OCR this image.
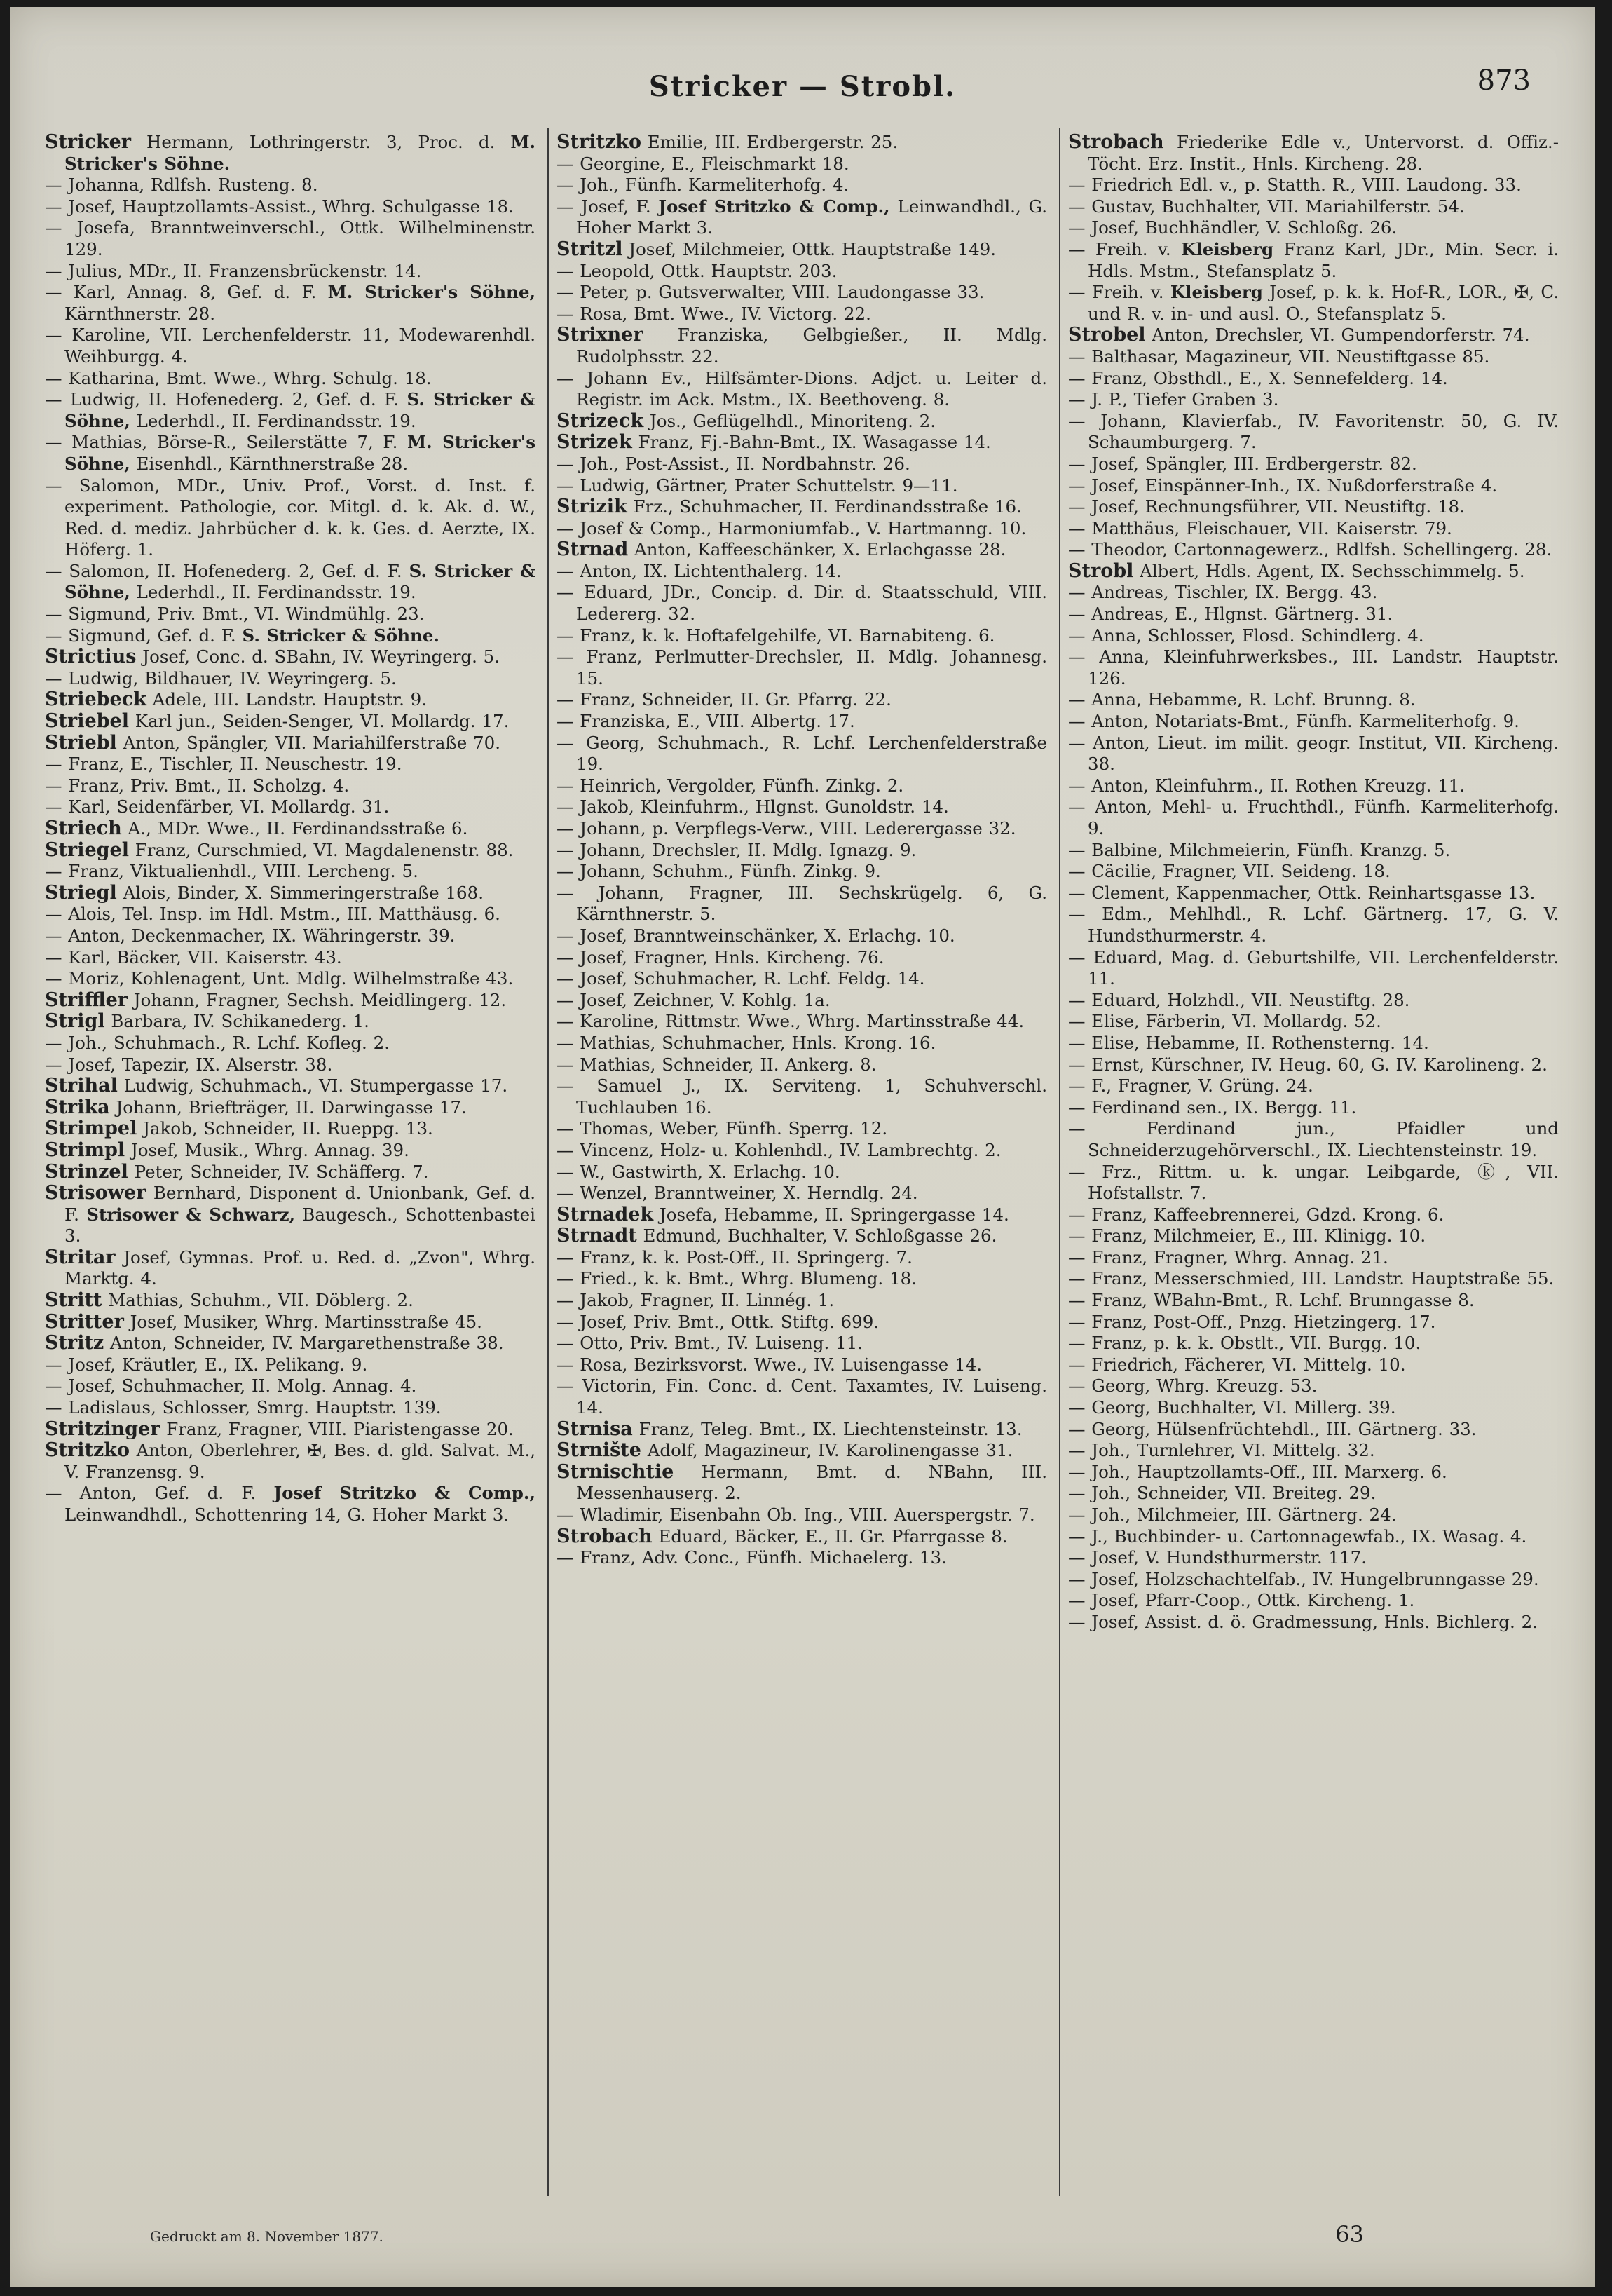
Stricker — Strobl.	873

Stricker Hermann, Lothringerstr. 3, Proc. d. M. Stricker's Söhne.

— Johanna, Rdlfsh. Rusteng. 8.

— Josef, Hauptzollamts-Assist., Whrg. Schulgasse 18.

— Josefa, Branntweinverschl., Ottk. Wilhelminenstr. 129.

— Julius, MDr., II. Franzensbrückenstr. 14.

— Karl, Annag. 8, Gef. d. F. M. Stricker's Söhne, Kärnthnerstr. 28.

— Karoline, VII. Lerchenfelderstr. 11, Modewarenhdl. Weihburgg. 4.

— Katharina, Bmt. Wwe., Whrg. Schulg. 18.

— Ludwig, II. Hofenederg. 2, Gef. d. F. S. Stricker & Söhne, Lederhdl., II. Ferdinandsstr. 19.

— Mathias, Börse-R., Seilerstätte 7, F. M. Stricker's Söhne, Eisenhdl., Kärnthnerstraße 28.

— Salomon, MDr., Univ. Prof., Vorst. d. Inst. f. experiment. Pathologie, cor. Mitgl. d. k. Ak. d. W., Red. d. mediz. Jahrbücher d. k. k. Ges. d. Aerzte, IX. Höferg. 1.

— Salomon, II. Hofenederg. 2, Gef. d. F. S. Stricker & Söhne, Lederhdl., II. Ferdinandsstr. 19.

— Sigmund, Priv. Bmt., VI. Windmühlg. 23.

— Sigmund, Gef. d. F. S. Stricker & Söhne.

Strictius Josef, Conc. d. SBahn, IV. Weyringerg. 5.

— Ludwig, Bildhauer, IV. Weyringerg. 5.

Striebeck Adele, III. Landstr. Hauptstr. 9.

Striebel Karl jun., Seiden-Senger, VI. Mollardg. 17.

Striebl Anton, Spängler, VII. Mariahilferstraße 70.

— Franz, E., Tischler, II. Neuschestr. 19.

— Franz, Priv. Bmt., II. Scholzg. 4.

— Karl, Seidenfärber, VI. Mollardg. 31.

Striech A., MDr. Wwe., II. Ferdinandsstraße 6.

Striegel Franz, Curschmied, VI. Magdalenenstr. 88.

— Franz, Viktualienhdl., VIII. Lercheng. 5.

Striegl Alois, Binder, X. Simmeringerstraße 168.

— Alois, Tel. Insp. im Hdl. Mstm., III. Matthäusg. 6.

— Anton, Deckenmacher, IX. Währingerstr. 39.

— Karl, Bäcker, VII. Kaiserstr. 43.

— Moriz, Kohlenagent, Unt. Mdlg. Wilhelmstraße 43.

Striffler Johann, Fragner, Sechsh. Meidlingerg. 12.

Strigl Barbara, IV. Schikanederg. 1.

— Joh., Schuhmach., R. Lchf. Kofleg. 2.

— Josef, Tapezir, IX. Alserstr. 38.

Strihal Ludwig, Schuhmach., VI. Stumpergasse 17.

Strika Johann, Briefträger, II. Darwingasse 17.

Strimpel Jakob, Schneider, II. Rueppg. 13.

Strimpl Josef, Musik., Whrg. Annag. 39.

Strinzel Peter, Schneider, IV. Schäfferg. 7.

Strisower Bernhard, Disponent d. Unionbank, Gef. d. F. Strisower & Schwarz, Baugesch., Schottenbastei 3.

Stritar Josef, Gymnas. Prof. u. Red. d. „Zvon", Whrg. Marktg. 4.

Stritt Mathias, Schuhm., VII. Döblerg. 2.

Stritter Josef, Musiker, Whrg. Martinsstraße 45.

Stritz Anton, Schneider, IV. Margarethenstraße 38.

— Josef, Kräutler, E., IX. Pelikang. 9.

— Josef, Schuhmacher, II. Molg. Annag. 4.

— Ladislaus, Schlosser, Smrg. Hauptstr. 139.

Stritzinger Franz, Fragner, VIII. Piaristengasse 20.

Stritzko Anton, Oberlehrer, ✠, Bes. d. gld. Salvat. M., V. Franzensg. 9.

— Anton, Gef. d. F. Josef Stritzko & Comp., Leinwandhdl., Schottenring 14, G. Hoher Markt 3.

Stritzko Emilie, III. Erdbergerstr. 25.

— Georgine, E., Fleischmarkt 18.

— Joh., Fünfh. Karmeliterhofg. 4.

— Josef, F. Josef Stritzko & Comp., Leinwandhdl., G. Hoher Markt 3.

Stritzl Josef, Milchmeier, Ottk. Hauptstraße 149.

— Leopold, Ottk. Hauptstr. 203.

— Peter, p. Gutsverwalter, VIII. Laudongasse 33.

— Rosa, Bmt. Wwe., IV. Victorg. 22.

Strixner Franziska, Gelbgießer., II. Mdlg. Rudolphsstr. 22.

— Johann Ev., Hilfsämter-Dions. Adjct. u. Leiter d. Registr. im Ack. Mstm., IX. Beethoveng. 8.

Strizeck Jos., Geflügelhdl., Minoriteng. 2.

Strizek Franz, Fj.-Bahn-Bmt., IX. Wasagasse 14.

— Joh., Post-Assist., II. Nordbahnstr. 26.

— Ludwig, Gärtner, Prater Schuttelstr. 9—11.

Strizik Frz., Schuhmacher, II. Ferdinandsstraße 16.

— Josef & Comp., Harmoniumfab., V. Hartmanng. 10.

Strnad Anton, Kaffeeschänker, X. Erlachgasse 28.

— Anton, IX. Lichtenthalerg. 14.

— Eduard, JDr., Concip. d. Dir. d. Staatsschuld, VIII. Ledererg. 32.

— Franz, k. k. Hoftafelgehilfe, VI. Barnabiteng. 6.

— Franz, Perlmutter-Drechsler, II. Mdlg. Johannesg. 15.

— Franz, Schneider, II. Gr. Pfarrg. 22.

— Franziska, E., VIII. Albertg. 17.

— Georg, Schuhmach., R. Lchf. Lerchenfelderstraße 19.

— Heinrich, Vergolder, Fünfh. Zinkg. 2.

— Jakob, Kleinfuhrm., Hlgnst. Gunoldstr. 14.

— Johann, p. Verpflegs-Verw., VIII. Lederergasse 32.

— Johann, Drechsler, II. Mdlg. Ignazg. 9.

— Johann, Schuhm., Fünfh. Zinkg. 9.

— Johann, Fragner, III. Sechskrügelg. 6, G. Kärnthnerstr. 5.

— Josef, Branntweinschänker, X. Erlachg. 10.

— Josef, Fragner, Hnls. Kircheng. 76.

— Josef, Schuhmacher, R. Lchf. Feldg. 14.

— Josef, Zeichner, V. Kohlg. 1a.

— Karoline, Rittmstr. Wwe., Whrg. Martinsstraße 44.

— Mathias, Schuhmacher, Hnls. Krong. 16.

— Mathias, Schneider, II. Ankerg. 8.

— Samuel J., IX. Serviteng. 1, Schuhverschl. Tuchlauben 16.

— Thomas, Weber, Fünfh. Sperrg. 12.

— Vincenz, Holz- u. Kohlenhdl., IV. Lambrechtg. 2.

— W., Gastwirth, X. Erlachg. 10.

— Wenzel, Branntweiner, X. Herndlg. 24.

Strnadek Josefa, Hebamme, II. Springergasse 14.

Strnadt Edmund, Buchhalter, V. Schloßgasse 26.

— Franz, k. k. Post-Off., II. Springerg. 7.

— Fried., k. k. Bmt., Whrg. Blumeng. 18.

— Jakob, Fragner, II. Linnég. 1.

— Josef, Priv. Bmt., Ottk. Stiftg. 699.

— Otto, Priv. Bmt., IV. Luiseng. 11.

— Rosa, Bezirksvorst. Wwe., IV. Luisengasse 14.

— Victorin, Fin. Conc. d. Cent. Taxamtes, IV. Luiseng. 14.

Strnisa Franz, Teleg. Bmt., IX. Liechtensteinstr. 13.

Strnište Adolf, Magazineur, IV. Karolinengasse 31.

Strnischtie Hermann, Bmt. d. NBahn, III. Messenhauserg. 2.

— Wladimir, Eisenbahn Ob. Ing., VIII. Auerspergstr. 7.

Strobach Eduard, Bäcker, E., II. Gr. Pfarrgasse 8.

— Franz, Adv. Conc., Fünfh. Michaelerg. 13.

Strobach Friederike Edle v., Untervorst. d. Offiz.-Töcht. Erz. Instit., Hnls. Kircheng. 28.

— Friedrich Edl. v., p. Statth. R., VIII. Laudong. 33.

— Gustav, Buchhalter, VII. Mariahilferstr. 54.

— Josef, Buchhändler, V. Schloßg. 26.

— Freih. v. Kleisberg Franz Karl, JDr., Min. Secr. i. Hdls. Mstm., Stefansplatz 5.

— Freih. v. Kleisberg Josef, p. k. k. Hof-R., LOR., ✠, C. und R. v. in- und ausl. O., Stefansplatz 5.

Strobel Anton, Drechsler, VI. Gumpendorferstr. 74.

— Balthasar, Magazineur, VII. Neustiftgasse 85.

— Franz, Obsthdl., E., X. Sennefelderg. 14.

— J. P., Tiefer Graben 3.

— Johann, Klavierfab., IV. Favoritenstr. 50, G. IV. Schaumburgerg. 7.

— Josef, Spängler, III. Erdbergerstr. 82.

— Josef, Einspänner-Inh., IX. Nußdorferstraße 4.

— Josef, Rechnungsführer, VII. Neustiftg. 18.

— Matthäus, Fleischauer, VII. Kaiserstr. 79.

— Theodor, Cartonnagewerz., Rdlfsh. Schellingerg. 28.

Strobl Albert, Hdls. Agent, IX. Sechsschimmelg. 5.

— Andreas, Tischler, IX. Bergg. 43.

— Andreas, E., Hlgnst. Gärtnerg. 31.

— Anna, Schlosser, Flosd. Schindlerg. 4.

— Anna, Kleinfuhrwerksbes., III. Landstr. Hauptstr. 126.

— Anna, Hebamme, R. Lchf. Brunng. 8.

— Anton, Notariats-Bmt., Fünfh. Karmeliterhofg. 9.

— Anton, Lieut. im milit. geogr. Institut, VII. Kircheng. 38.

— Anton, Kleinfuhrm., II. Rothen Kreuzg. 11.

— Anton, Mehl- u. Fruchthdl., Fünfh. Karmeliterhofg. 9.

— Balbine, Milchmeierin, Fünfh. Kranzg. 5.

— Cäcilie, Fragner, VII. Seideng. 18.

— Clement, Kappenmacher, Ottk. Reinhartsgasse 13.

— Edm., Mehlhdl., R. Lchf. Gärtnerg. 17, G. V. Hundsthurmerstr. 4.

— Eduard, Mag. d. Geburtshilfe, VII. Lerchenfelderstr. 11.

— Eduard, Holzhdl., VII. Neustiftg. 28.

— Elise, Färberin, VI. Mollardg. 52.

— Elise, Hebamme, II. Rothensterng. 14.

— Ernst, Kürschner, IV. Heug. 60, G. IV. Karolineng. 2.

— F., Fragner, V. Grüng. 24.

— Ferdinand sen., IX. Bergg. 11.

— Ferdinand jun., Pfaidler und Schneiderzugehörverschl., IX. Liechtensteinstr. 19.

— Frz., Rittm. u. k. ungar. Leibgarde, ⓚ, VII. Hofstallstr. 7.

— Franz, Kaffeebrennerei, Gdzd. Krong. 6.

— Franz, Milchmeier, E., III. Klinigg. 10.

— Franz, Fragner, Whrg. Annag. 21.

— Franz, Messerschmied, III. Landstr. Hauptstraße 55.

— Franz, WBahn-Bmt., R. Lchf. Brunngasse 8.

— Franz, Post-Off., Pnzg. Hietzingerg. 17.

— Franz, p. k. k. Obstlt., VII. Burgg. 10.

— Friedrich, Fächerer, VI. Mittelg. 10.

— Georg, Whrg. Kreuzg. 53.

— Georg, Buchhalter, VI. Millerg. 39.

— Georg, Hülsenfrüchtehdl., III. Gärtnerg. 33.

— Joh., Turnlehrer, VI. Mittelg. 32.

— Joh., Hauptzollamts-Off., III. Marxerg. 6.

— Joh., Schneider, VII. Breiteg. 29.

— Joh., Milchmeier, III. Gärtnerg. 24.

— J., Buchbinder- u. Cartonnagewfab., IX. Wasag. 4.

— Josef, V. Hundsthurmerstr. 117.

— Josef, Holzschachtelfab., IV. Hungelbrunngasse 29.

— Josef, Pfarr-Coop., Ottk. Kircheng. 1.

— Josef, Assist. d. ö. Gradmessung, Hnls. Bichlerg. 2.

Gedruckt am 8. November 1877.	63
